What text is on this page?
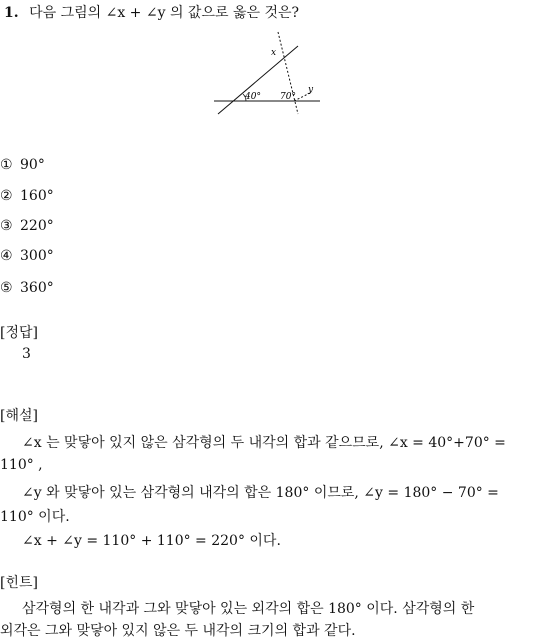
1. 다음 그림의 ∠x + ∠y 의 값으로 옳은 것은?
x
y
40° 70°
① 90°
② 160°
③ 220°
④ 300°
⑤ 360°
[정답]
3
[해설]
∠x 는 맞닿아 있지 않은 삼각형의 두 내각의 합과 같으므로, ∠x = 40°+70° =
110° ,
∠y 와 맞닿아 있는 삼각형의 내각의 합은 180° 이므로, ∠y = 180° − 70° =
110° 이다.
∠x + ∠y = 110° + 110° = 220° 이다.
[힌트]
삼각형의 한 내각과 그와 맞닿아 있는 외각의 합은 180° 이다. 삼각형의 한
외각은 그와 맞닿아 있지 않은 두 내각의 크기의 합과 같다.
